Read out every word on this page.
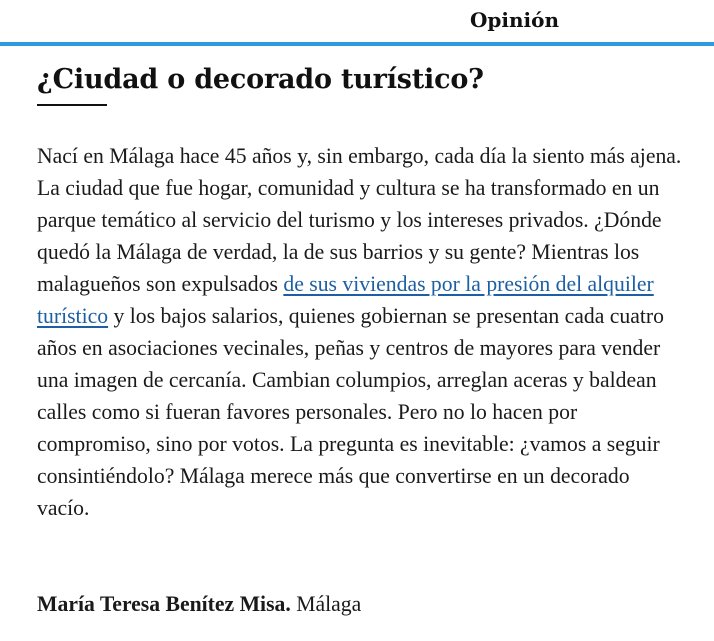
Opinión
¿Ciudad o decorado turístico?

Nací en Málaga hace 45 años y, sin embargo, cada día la siento más ajena. La ciudad que fue hogar, comunidad y cultura se ha transformado en un parque temático al servicio del turismo y los intereses privados. ¿Dónde quedó la Málaga de verdad, la de sus barrios y su gente? Mientras los malagueños son expulsados de sus viviendas por la presión del alquiler turístico y los bajos salarios, quienes gobiernan se presentan cada cuatro años en asociaciones vecinales, peñas y centros de mayores para vender una imagen de cercanía. Cambian columpios, arreglan aceras y baldean calles como si fueran favores personales. Pero no lo hacen por compromiso, sino por votos. La pregunta es inevitable: ¿vamos a seguir consintiéndolo? Málaga merece más que convertirse en un decorado vacío.

María Teresa Benítez Misa. Málaga
